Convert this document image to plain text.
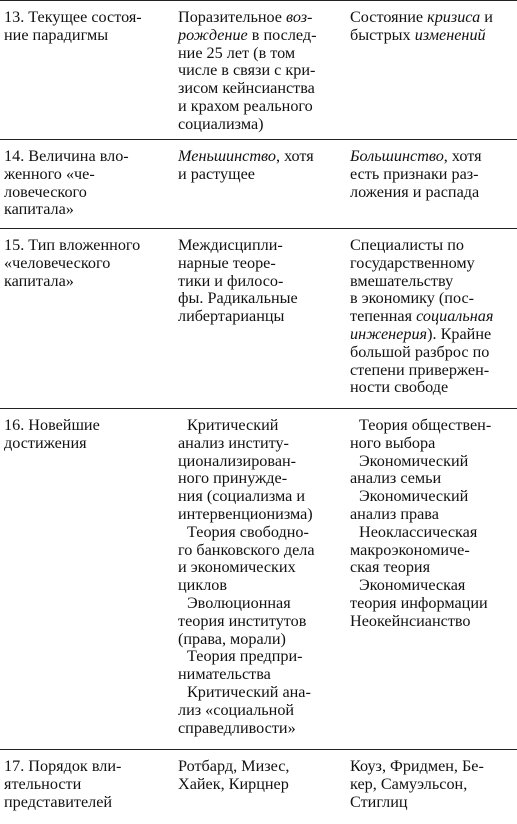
13. Текущее состоя-
ние парадигмы
Поразительное воз-
рождение в послед-
ние 25 лет (в том
числе в связи с кри-
зисом кейнсианства
и крахом реального
социализма)
Состояние кризиса и
быстрых изменений
14. Величина вло-
женного «че-
ловеческого
капитала»
Меньшинство, хотя
и растущее
Большинство, хотя
есть признаки раз-
ложения и распада
15. Тип вложенного
«человеческого
капитала»
Междисципли-
нарные теоре-
тики и филосо-
фы. Радикальные
либертарианцы
Специалисты по
государственному
вмешательству
в экономику (пос-
тепенная социальная
инженерия). Крайне
большой разброс по
степени привержен-
ности свободе
16. Новейшие
достижения
Критический
анализ институ-
ционализирован-
ного принужде-
ния (социализма и
интервенционизма)
Теория свободно-
го банковского дела
и экономических
циклов
Эволюционная
теория институтов
(права, морали)
Теория предпри-
нимательства
Критический ана-
лиз «социальной
справедливости»
Теория обществен-
ного выбора
Экономический
анализ семьи
Экономический
анализ права
Неоклассическая
макроэкономиче-
ская теория
Экономическая
теория информации
Неокейнсианство
17. Порядок вли-
ятельности
представителей
Ротбард, Мизес,
Хайек, Кирцнер
Коуз, Фридмен, Бе-
кер, Самуэльсон,
Стиглиц
